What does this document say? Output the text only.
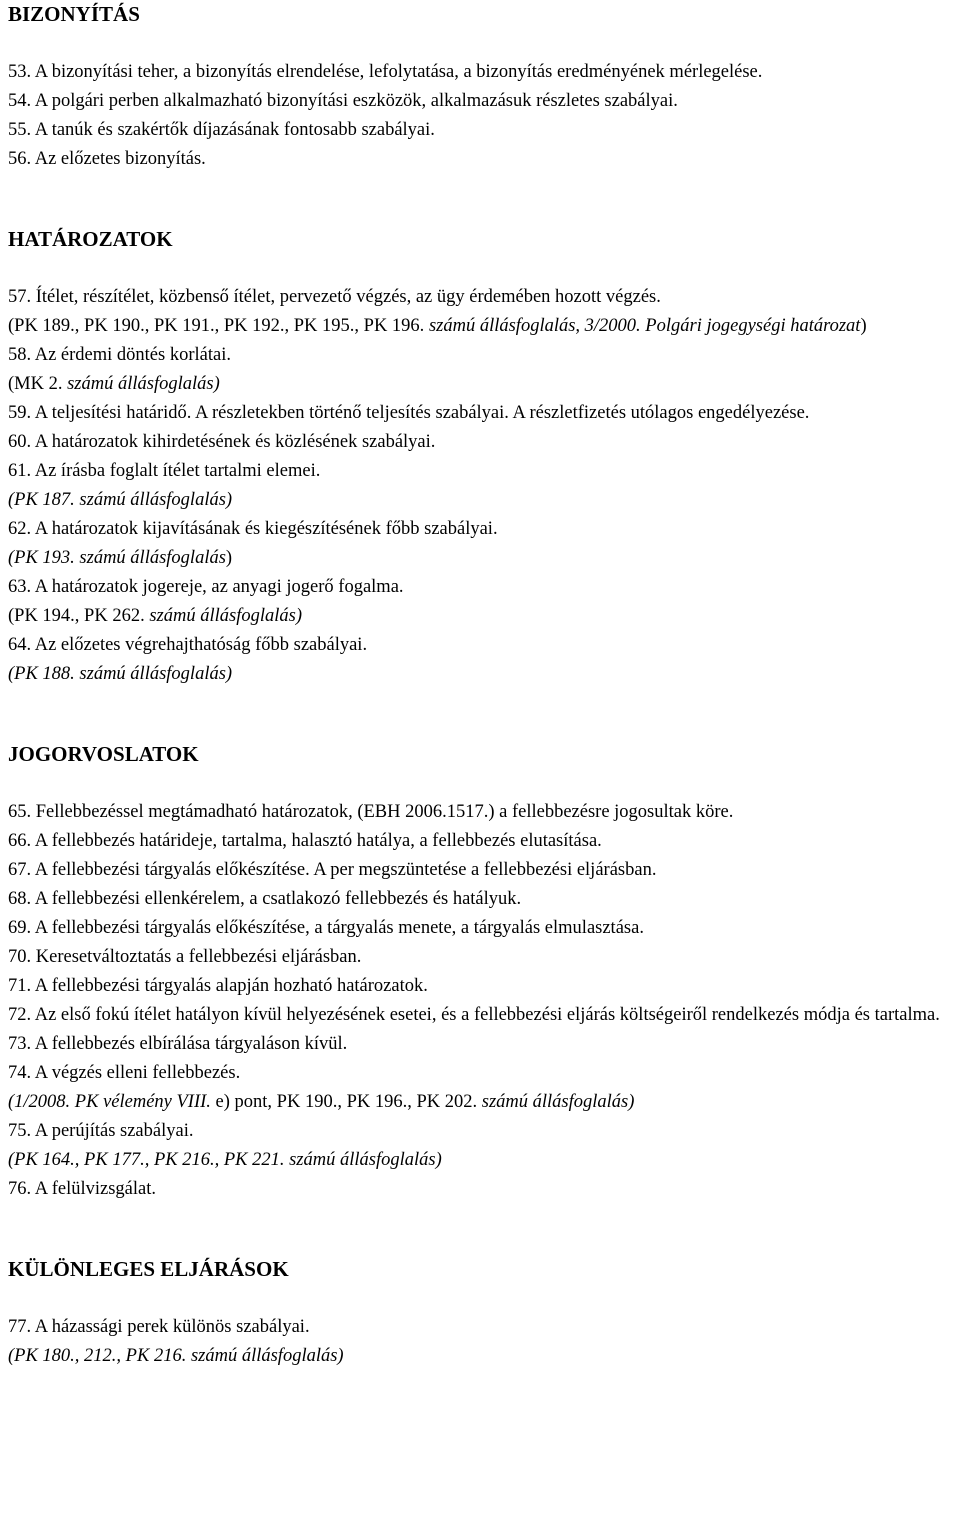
BIZONYÍTÁS
53. A bizonyítási teher, a bizonyítás elrendelése, lefolytatása, a bizonyítás eredményének mérlegelése.
54. A polgári perben alkalmazható bizonyítási eszközök, alkalmazásuk részletes szabályai.
55. A tanúk és szakértők díjazásának fontosabb szabályai.
56. Az előzetes bizonyítás.
HATÁROZATOK
57. Ítélet, részítélet, közbenső ítélet, pervezető végzés, az ügy érdemében hozott végzés.
(PK 189., PK 190., PK 191., PK 192., PK 195., PK 196. számú állásfoglalás, 3/2000. Polgári jogegységi határozat)
58. Az érdemi döntés korlátai.
(MK 2. számú állásfoglalás)
59. A teljesítési határidő. A részletekben történő teljesítés szabályai. A részletfizetés utólagos engedélyezése.
60. A határozatok kihirdetésének és közlésének szabályai.
61. Az írásba foglalt ítélet tartalmi elemei.
(PK 187. számú állásfoglalás)
62. A határozatok kijavításának és kiegészítésének főbb szabályai.
(PK 193. számú állásfoglalás)
63. A határozatok jogereje, az anyagi jogerő fogalma.
(PK 194., PK 262. számú állásfoglalás)
64. Az előzetes végrehajthatóság főbb szabályai.
(PK 188. számú állásfoglalás)
JOGORVOSLATOK
65. Fellebbezéssel megtámadható határozatok, (EBH 2006.1517.) a fellebbezésre jogosultak köre.
66. A fellebbezés határideje, tartalma, halasztó hatálya, a fellebbezés elutasítása.
67. A fellebbezési tárgyalás előkészítése. A per megszüntetése a fellebbezési eljárásban.
68. A fellebbezési ellenkérelem, a csatlakozó fellebbezés és hatályuk.
69. A fellebbezési tárgyalás előkészítése, a tárgyalás menete, a tárgyalás elmulasztása.
70. Keresetváltoztatás a fellebbezési eljárásban.
71. A fellebbezési tárgyalás alapján hozható határozatok.
72. Az első fokú ítélet hatályon kívül helyezésének esetei, és a fellebbezési eljárás költségeiről rendelkezés módja és tartalma.
73. A fellebbezés elbírálása tárgyaláson kívül.
74. A végzés elleni fellebbezés.
(1/2008. PK vélemény VIII. e) pont, PK 190., PK 196., PK 202. számú állásfoglalás)
75. A perújítás szabályai.
(PK 164., PK 177., PK 216., PK 221. számú állásfoglalás)
76. A felülvizsgálat.
KÜLÖNLEGES ELJÁRÁSOK
77. A házassági perek különös szabályai.
(PK 180., 212., PK 216. számú állásfoglalás)
